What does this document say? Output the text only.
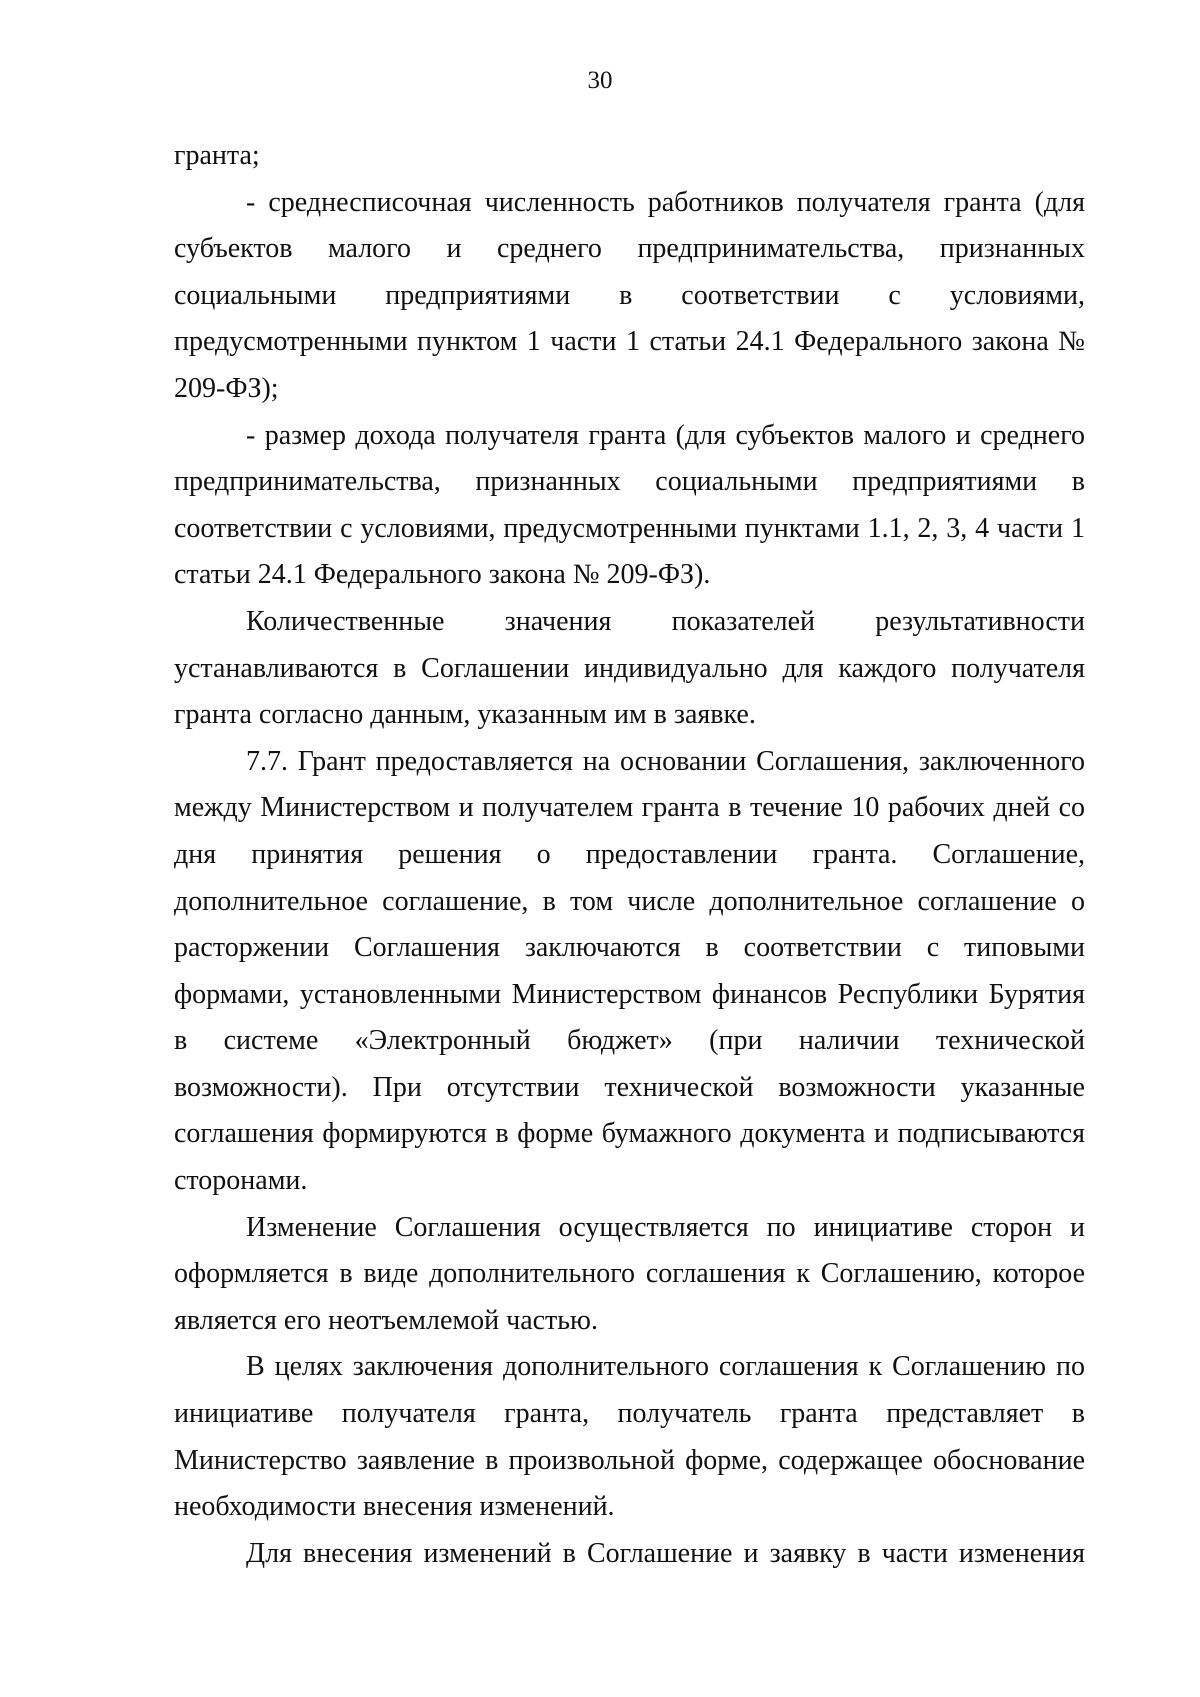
30

гранта;

- среднесписочная численность работников получателя гранта (для субъектов малого и среднего предпринимательства, признанных социальными предприятиями в соответствии с условиями, предусмотренными пунктом 1 части 1 статьи 24.1 Федерального закона № 209-ФЗ);

- размер дохода получателя гранта (для субъектов малого и среднего предпринимательства, признанных социальными предприятиями в соответствии с условиями, предусмотренными пунктами 1.1, 2, 3, 4 части 1 статьи 24.1 Федерального закона № 209-ФЗ).

Количественные значения показателей результативности устанавливаются в Соглашении индивидуально для каждого получателя гранта согласно данным, указанным им в заявке.

7.7. Грант предоставляется на основании Соглашения, заключенного между Министерством и получателем гранта в течение 10 рабочих дней со дня принятия решения о предоставлении гранта. Соглашение, дополнительное соглашение, в том числе дополнительное соглашение о расторжении Соглашения заключаются в соответствии с типовыми формами, установленными Министерством финансов Республики Бурятия в системе «Электронный бюджет» (при наличии технической возможности). При отсутствии технической возможности указанные соглашения формируются в форме бумажного документа и подписываются сторонами.

Изменение Соглашения осуществляется по инициативе сторон и оформляется в виде дополнительного соглашения к Соглашению, которое является его неотъемлемой частью.

В целях заключения дополнительного соглашения к Соглашению по инициативе получателя гранта, получатель гранта представляет в Министерство заявление в произвольной форме, содержащее обоснование необходимости внесения изменений.

Для внесения изменений в Соглашение и заявку в части изменения
